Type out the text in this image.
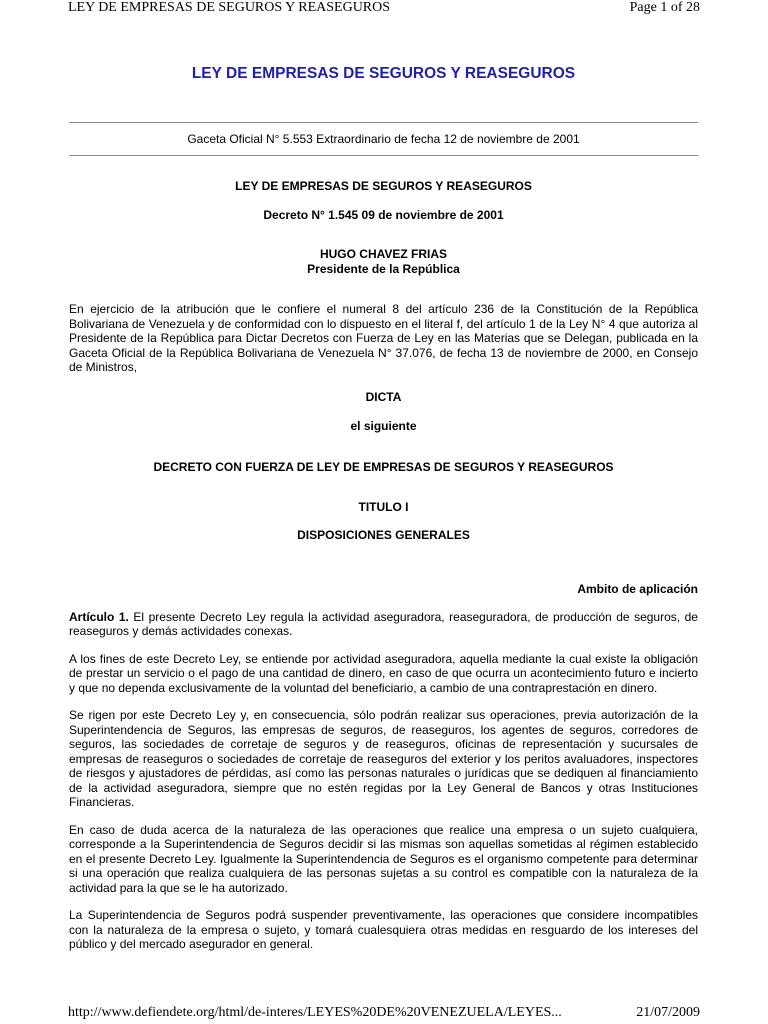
LEY DE EMPRESAS DE SEGUROS Y REASEGUROS	Page 1 of 28
LEY DE EMPRESAS DE SEGUROS Y REASEGUROS
Gaceta Oficial N° 5.553 Extraordinario de fecha 12 de noviembre de 2001
LEY DE EMPRESAS DE SEGUROS Y REASEGUROS
Decreto N° 1.545 09 de noviembre de 2001
HUGO CHAVEZ FRIAS
Presidente de la República

En ejercicio de la atribución que le confiere el numeral 8 del artículo 236 de la Constitución de la República Bolivariana de Venezuela y de conformidad con lo dispuesto en el literal f, del artículo 1 de la Ley N° 4 que autoriza al Presidente de la República para Dictar Decretos con Fuerza de Ley en las Materias que se Delegan, publicada en la Gaceta Oficial de la República Bolivariana de Venezuela N° 37.076, de fecha 13 de noviembre de 2000, en Consejo de Ministros,

DICTA
el siguiente
DECRETO CON FUERZA DE LEY DE EMPRESAS DE SEGUROS Y REASEGUROS
TITULO I
DISPOSICIONES GENERALES
Ambito de aplicación

Artículo 1. El presente Decreto Ley regula la actividad aseguradora, reaseguradora, de producción de seguros, de reaseguros y demás actividades conexas.

A los fines de este Decreto Ley, se entiende por actividad aseguradora, aquella mediante la cual existe la obligación de prestar un servicio o el pago de una cantidad de dinero, en caso de que ocurra un acontecimiento futuro e incierto y que no dependa exclusivamente de la voluntad del beneficiario, a cambio de una contraprestación en dinero.

Se rigen por este Decreto Ley y, en consecuencia, sólo podrán realizar sus operaciones, previa autorización de la Superintendencia de Seguros, las empresas de seguros, de reaseguros, los agentes de seguros, corredores de seguros, las sociedades de corretaje de seguros y de reaseguros, oficinas de representación y sucursales de empresas de reaseguros o sociedades de corretaje de reaseguros del exterior y los peritos avaluadores, inspectores de riesgos y ajustadores de pérdidas, así como las personas naturales o jurídicas que se dediquen al financiamiento de la actividad aseguradora, siempre que no estén regidas por la Ley General de Bancos y otras Instituciones Financieras.

En caso de duda acerca de la naturaleza de las operaciones que realice una empresa o un sujeto cualquiera, corresponde a la Superintendencia de Seguros decidir si las mismas son aquellas sometidas al régimen establecido en el presente Decreto Ley. Igualmente la Superintendencia de Seguros es el organismo competente para determinar si una operación que realiza cualquiera de las personas sujetas a su control es compatible con la naturaleza de la actividad para la que se le ha autorizado.

La Superintendencia de Seguros podrá suspender preventivamente, las operaciones que considere incompatibles con la naturaleza de la empresa o sujeto, y tomará cualesquiera otras medidas en resguardo de los intereses del público y del mercado asegurador en general.

http://www.defiendete.org/html/de-interes/LEYES%20DE%20VENEZUELA/LEYES...	21/07/2009
